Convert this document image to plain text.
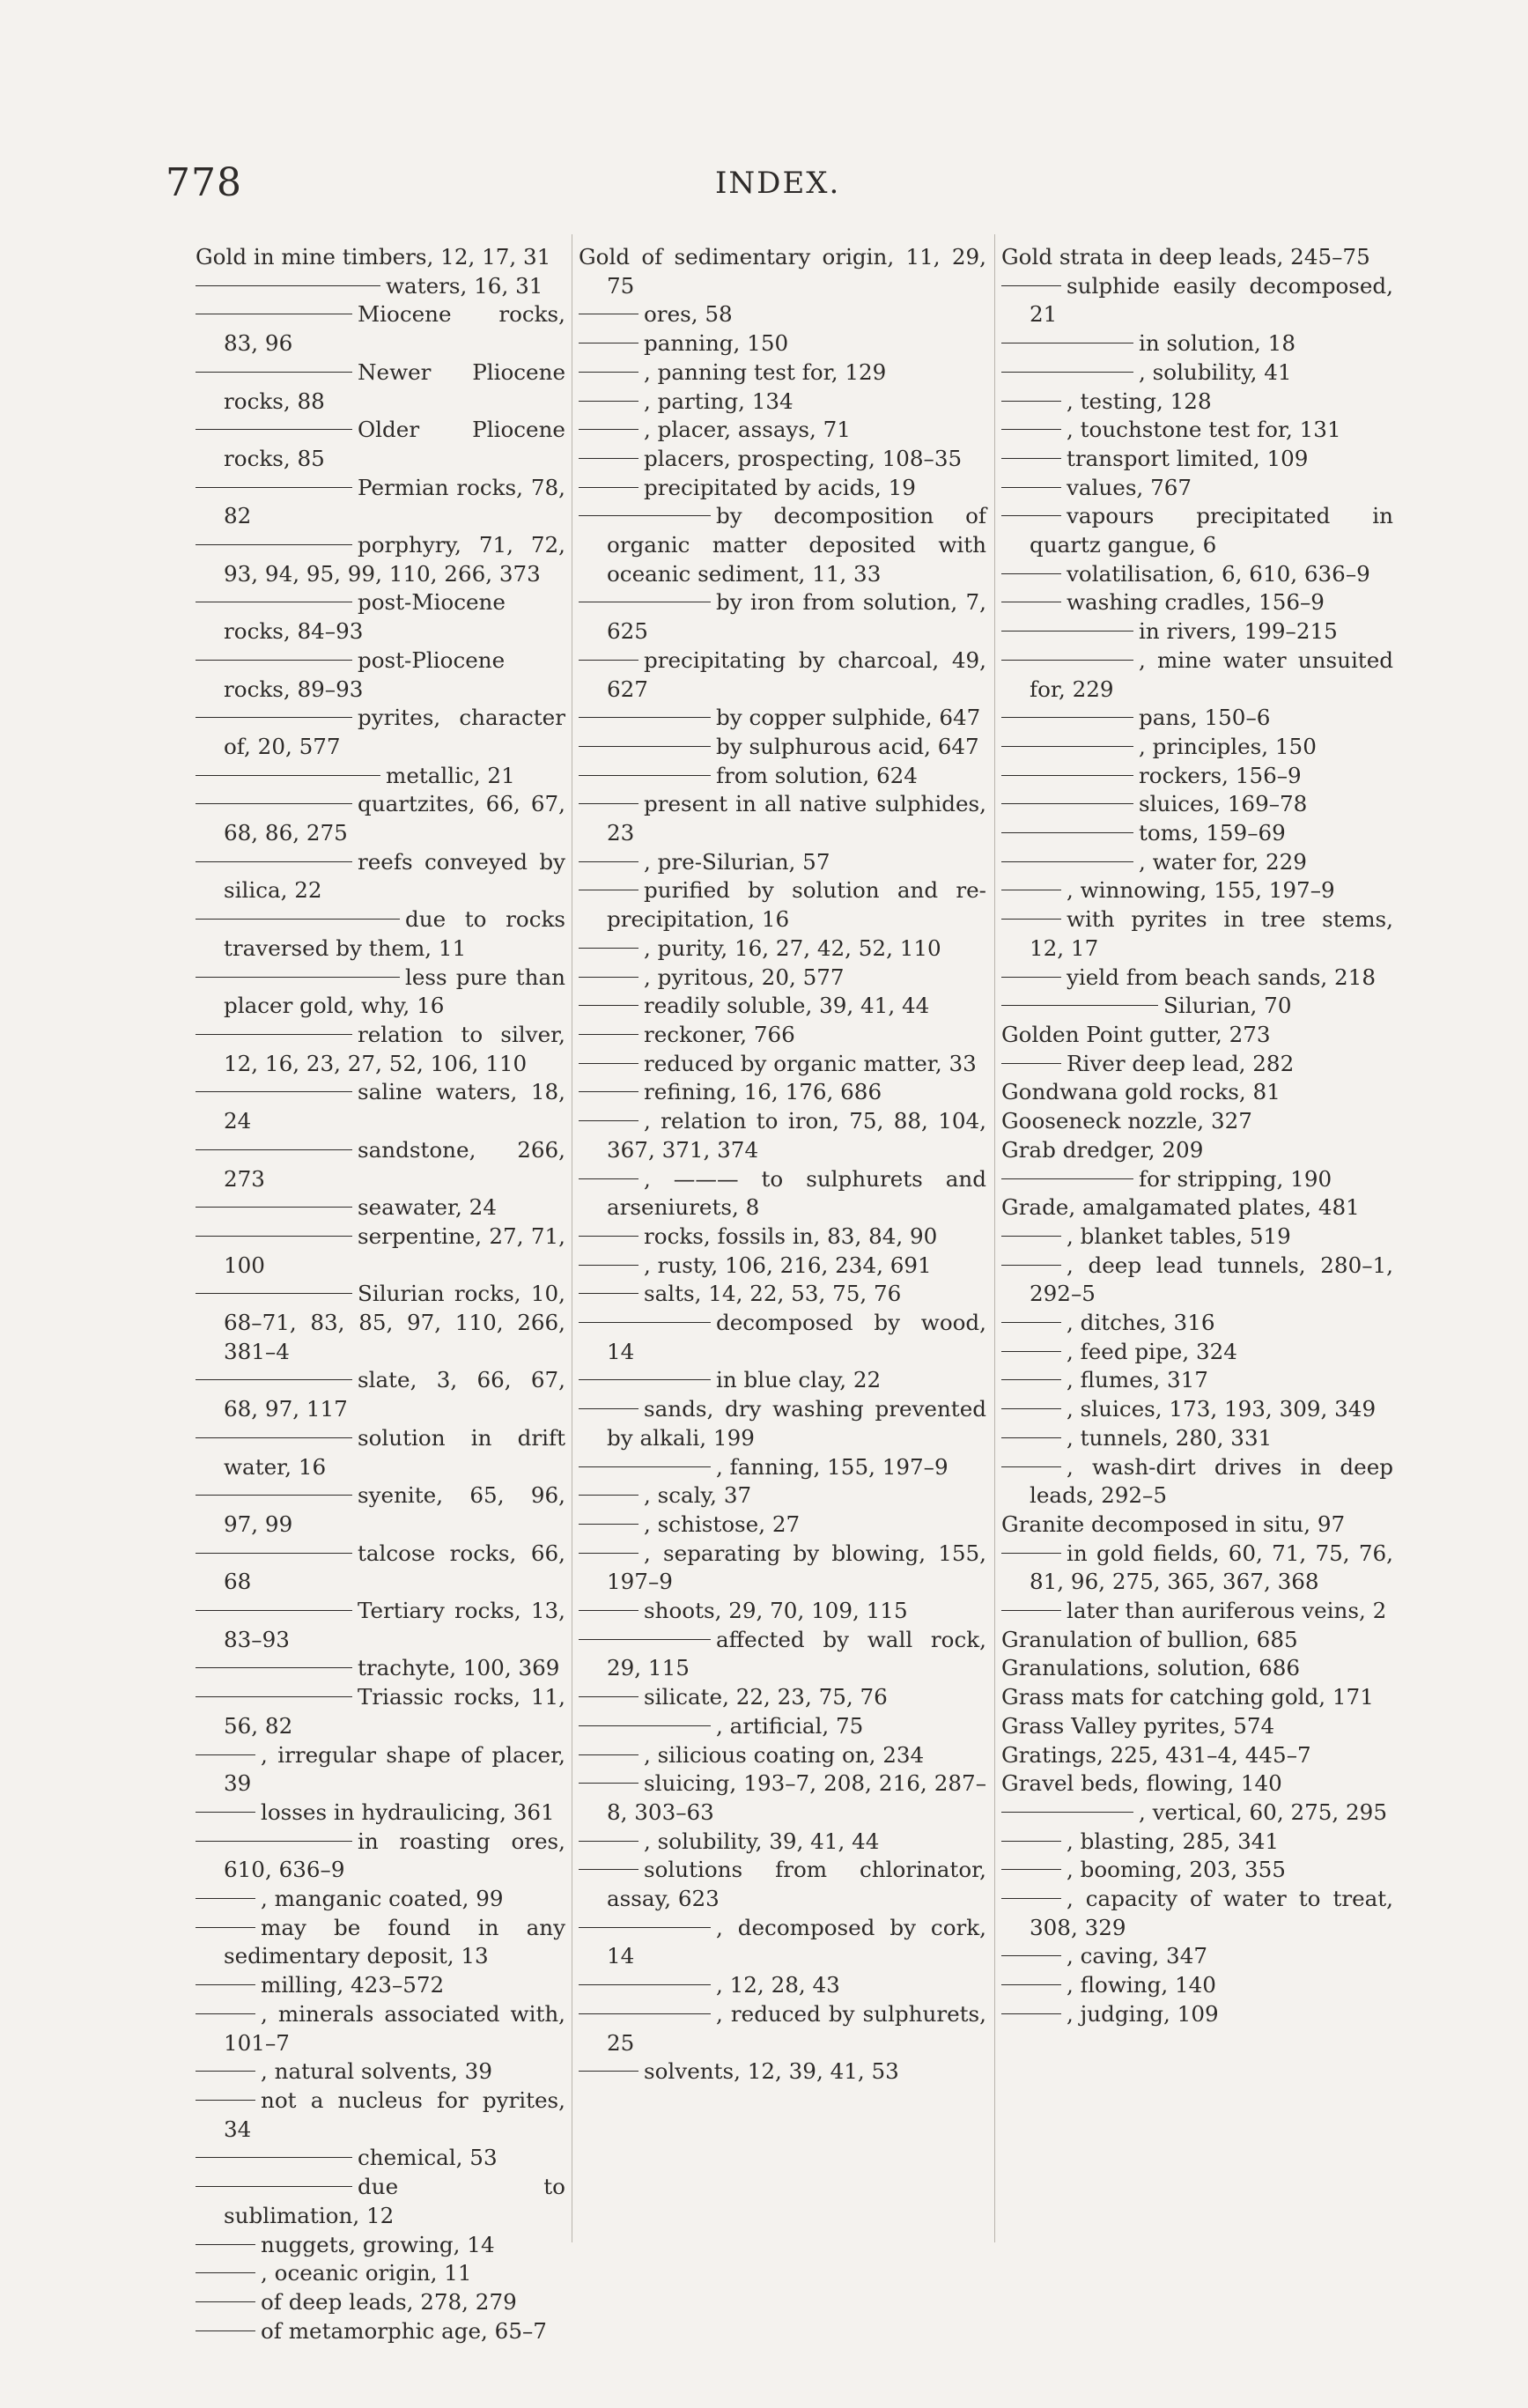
778	INDEX.

Gold in mine timbers, 12, 17, 31

waters, 16, 31

Miocene rocks, 83, 96

Newer Pliocene rocks, 88

Older Pliocene rocks, 85

Permian rocks, 78, 82

porphyry, 71, 72, 93, 94, 95, 99, 110, 266, 373

post-Miocene rocks, 84–93

post-Pliocene rocks, 89–93

pyrites, character of, 20, 577

metallic, 21

quartzites, 66, 67, 68, 86, 275

reefs conveyed by silica, 22

due to rocks traversed by them, 11

less pure than placer gold, why, 16

relation to silver, 12, 16, 23, 27, 52, 106, 110

saline waters, 18, 24

sandstone, 266, 273

seawater, 24

serpentine, 27, 71, 100

Silurian rocks, 10, 68–71, 83, 85, 97, 110, 266, 381–4

slate, 3, 66, 67, 68, 97, 117

solution in drift water, 16

syenite, 65, 96, 97, 99

talcose rocks, 66, 68

Tertiary rocks, 13, 83–93

trachyte, 100, 369

Triassic rocks, 11, 56, 82

, irregular shape of placer, 39

losses in hydraulicing, 361

in roasting ores, 610, 636–9

, manganic coated, 99

may be found in any sedimentary deposit, 13

milling, 423–572

, minerals associated with, 101–7

, natural solvents, 39

not a nucleus for pyrites, 34

chemical, 53

due to sublimation, 12

nuggets, growing, 14

, oceanic origin, 11

of deep leads, 278, 279

of metamorphic age, 65–7

Gold of sedimentary origin, 11, 29, 75

ores, 58

panning, 150

, panning test for, 129

, parting, 134

, placer, assays, 71

placers, prospecting, 108–35

precipitated by acids, 19

by decomposition of organic matter deposited with oceanic sediment, 11, 33

by iron from solution, 7, 625

precipitating by charcoal, 49, 627

by copper sulphide, 647

by sulphurous acid, 647

from solution, 624

present in all native sulphides, 23

, pre-Silurian, 57

purified by solution and re-precipitation, 16

, purity, 16, 27, 42, 52, 110

, pyritous, 20, 577

readily soluble, 39, 41, 44

reckoner, 766

reduced by organic matter, 33

refining, 16, 176, 686

, relation to iron, 75, 88, 104, 367, 371, 374

, ——— to sulphurets and arseniurets, 8

rocks, fossils in, 83, 84, 90

, rusty, 106, 216, 234, 691

salts, 14, 22, 53, 75, 76

decomposed by wood, 14

in blue clay, 22

sands, dry washing prevented by alkali, 199

, fanning, 155, 197–9

, scaly, 37

, schistose, 27

, separating by blowing, 155, 197–9

shoots, 29, 70, 109, 115

affected by wall rock, 29, 115

silicate, 22, 23, 75, 76

, artificial, 75

, silicious coating on, 234

sluicing, 193–7, 208, 216, 287–8, 303–63

, solubility, 39, 41, 44

solutions from chlorinator, assay, 623

, decomposed by cork, 14

, 12, 28, 43

, reduced by sulphurets, 25

solvents, 12, 39, 41, 53

Gold strata in deep leads, 245–75

sulphide easily decomposed, 21

in solution, 18

, solubility, 41

, testing, 128

, touchstone test for, 131

transport limited, 109

values, 767

vapours precipitated in quartz gangue, 6

volatilisation, 6, 610, 636–9

washing cradles, 156–9

in rivers, 199–215

, mine water unsuited for, 229

pans, 150–6

, principles, 150

rockers, 156–9

sluices, 169–78

toms, 159–69

, water for, 229

, winnowing, 155, 197–9

with pyrites in tree stems, 12, 17

yield from beach sands, 218

Silurian, 70

Golden Point gutter, 273

River deep lead, 282

Gondwana gold rocks, 81

Gooseneck nozzle, 327

Grab dredger, 209

for stripping, 190

Grade, amalgamated plates, 481

, blanket tables, 519

, deep lead tunnels, 280–1, 292–5

, ditches, 316

, feed pipe, 324

, flumes, 317

, sluices, 173, 193, 309, 349

, tunnels, 280, 331

, wash-dirt drives in deep leads, 292–5

Granite decomposed in situ, 97

in gold fields, 60, 71, 75, 76, 81, 96, 275, 365, 367, 368

later than auriferous veins, 2

Granulation of bullion, 685

Granulations, solution, 686

Grass mats for catching gold, 171

Grass Valley pyrites, 574

Gratings, 225, 431–4, 445–7

Gravel beds, flowing, 140

, vertical, 60, 275, 295

, blasting, 285, 341

, booming, 203, 355

, capacity of water to treat, 308, 329

, caving, 347

, flowing, 140

, judging, 109
